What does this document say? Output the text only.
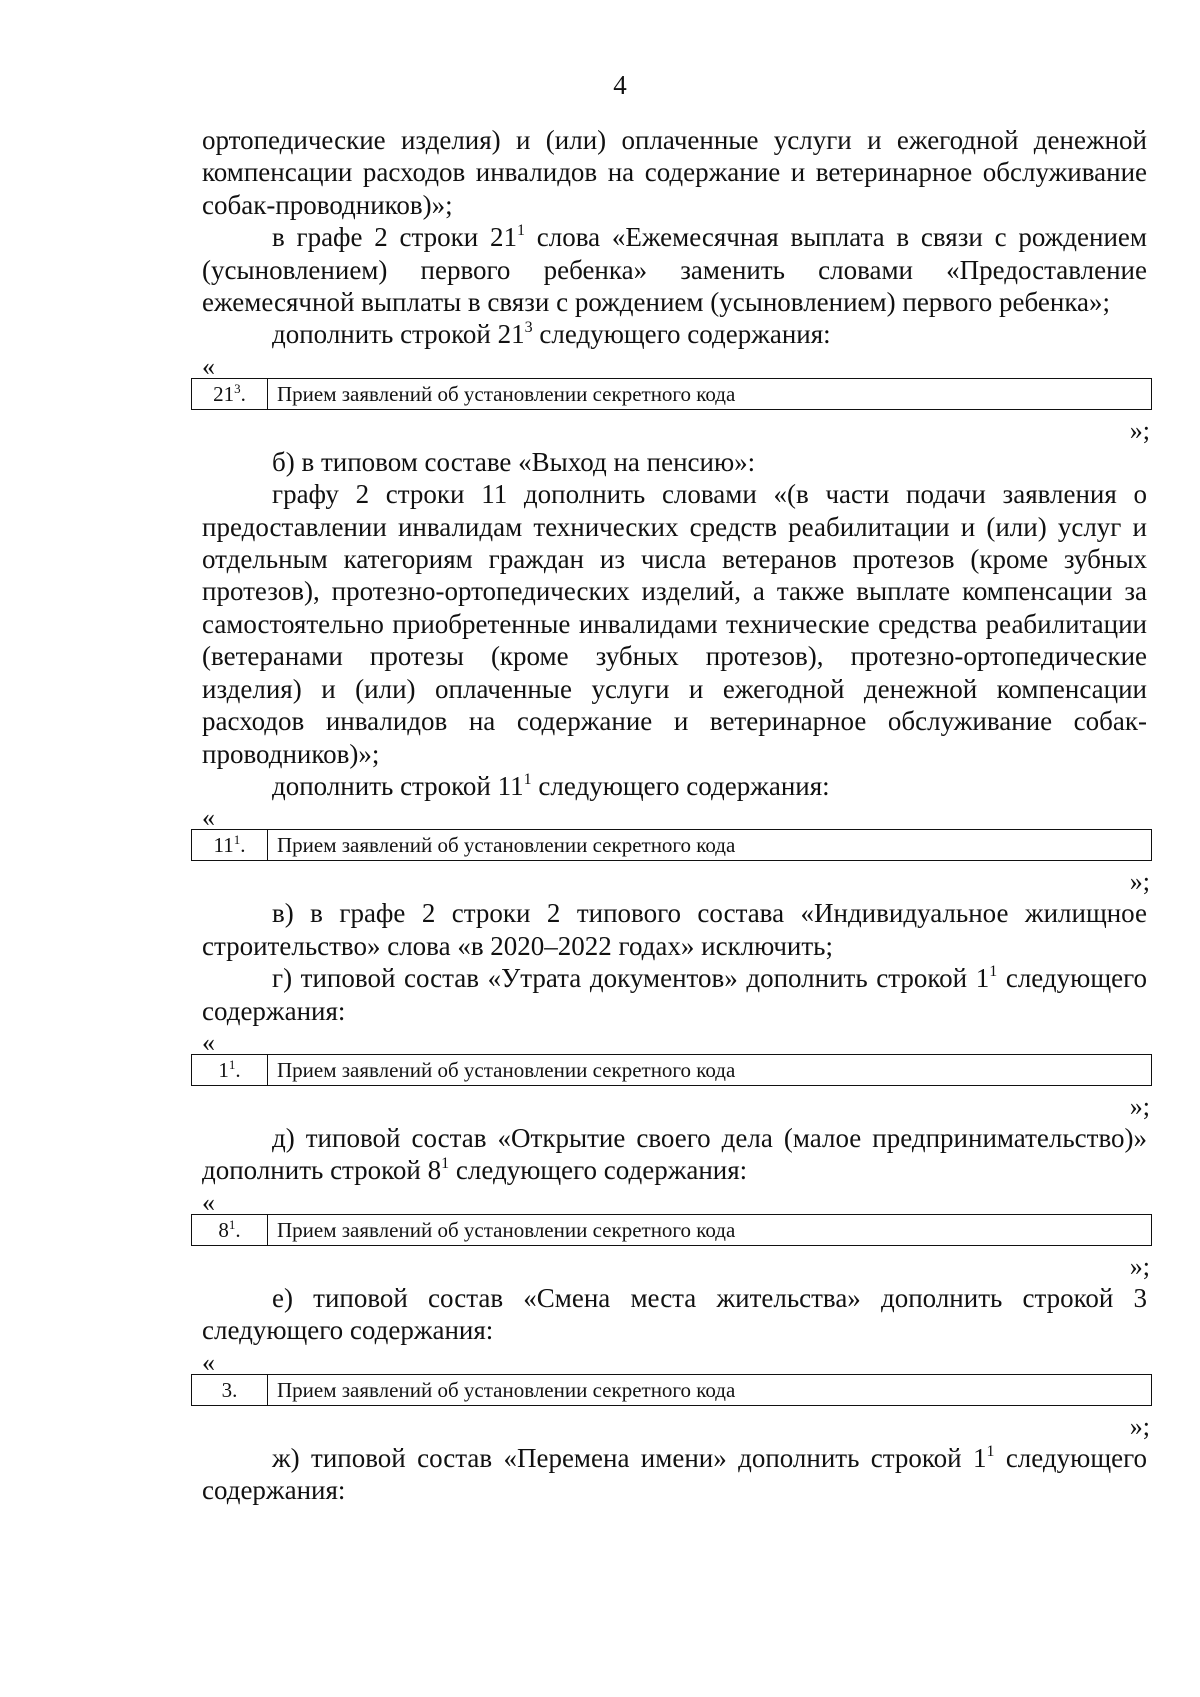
4

ортопедические изделия) и (или) оплаченные услуги и ежегодной денежной компенсации расходов инвалидов на содержание и ветеринарное обслуживание собак-проводников)»;

в графе 2 строки $21^1$ слова «Ежемесячная выплата в связи с рождением (усыновлением) первого ребенка» заменить словами «Предоставление ежемесячной выплаты в связи с рождением (усыновлением) первого ребенка»;

дополнить строкой $21^3$ следующего содержания:

«
$21^3$.	Прием заявлений об установлении секретного кода
»;

б) в типовом составе «Выход на пенсию»:

графу 2 строки 11 дополнить словами «(в части подачи заявления о предоставлении инвалидам технических средств реабилитации и (или) услуг и отдельным категориям граждан из числа ветеранов протезов (кроме зубных протезов), протезно-ортопедических изделий, а также выплате компенсации за самостоятельно приобретенные инвалидами технические средства реабилитации (ветеранами протезы (кроме зубных протезов), протезно-ортопедические изделия) и (или) оплаченные услуги и ежегодной денежной компенсации расходов инвалидов на содержание и ветеринарное обслуживание собак-проводников)»;

дополнить строкой $11^1$ следующего содержания:

«
$11^1$.	Прием заявлений об установлении секретного кода
»;

в) в графе 2 строки 2 типового состава «Индивидуальное жилищное строительство» слова «в 2020–2022 годах» исключить;

г) типовой состав «Утрата документов» дополнить строкой $1^1$ следующего содержания:

«
$1^1$.	Прием заявлений об установлении секретного кода
»;

д) типовой состав «Открытие своего дела (малое предпринимательство)» дополнить строкой $8^1$ следующего содержания:

«
$8^1$.	Прием заявлений об установлении секретного кода
»;

е) типовой состав «Смена места жительства» дополнить строкой 3 следующего содержания:

«
3.	Прием заявлений об установлении секретного кода
»;

ж) типовой состав «Перемена имени» дополнить строкой $1^1$ следующего содержания:
